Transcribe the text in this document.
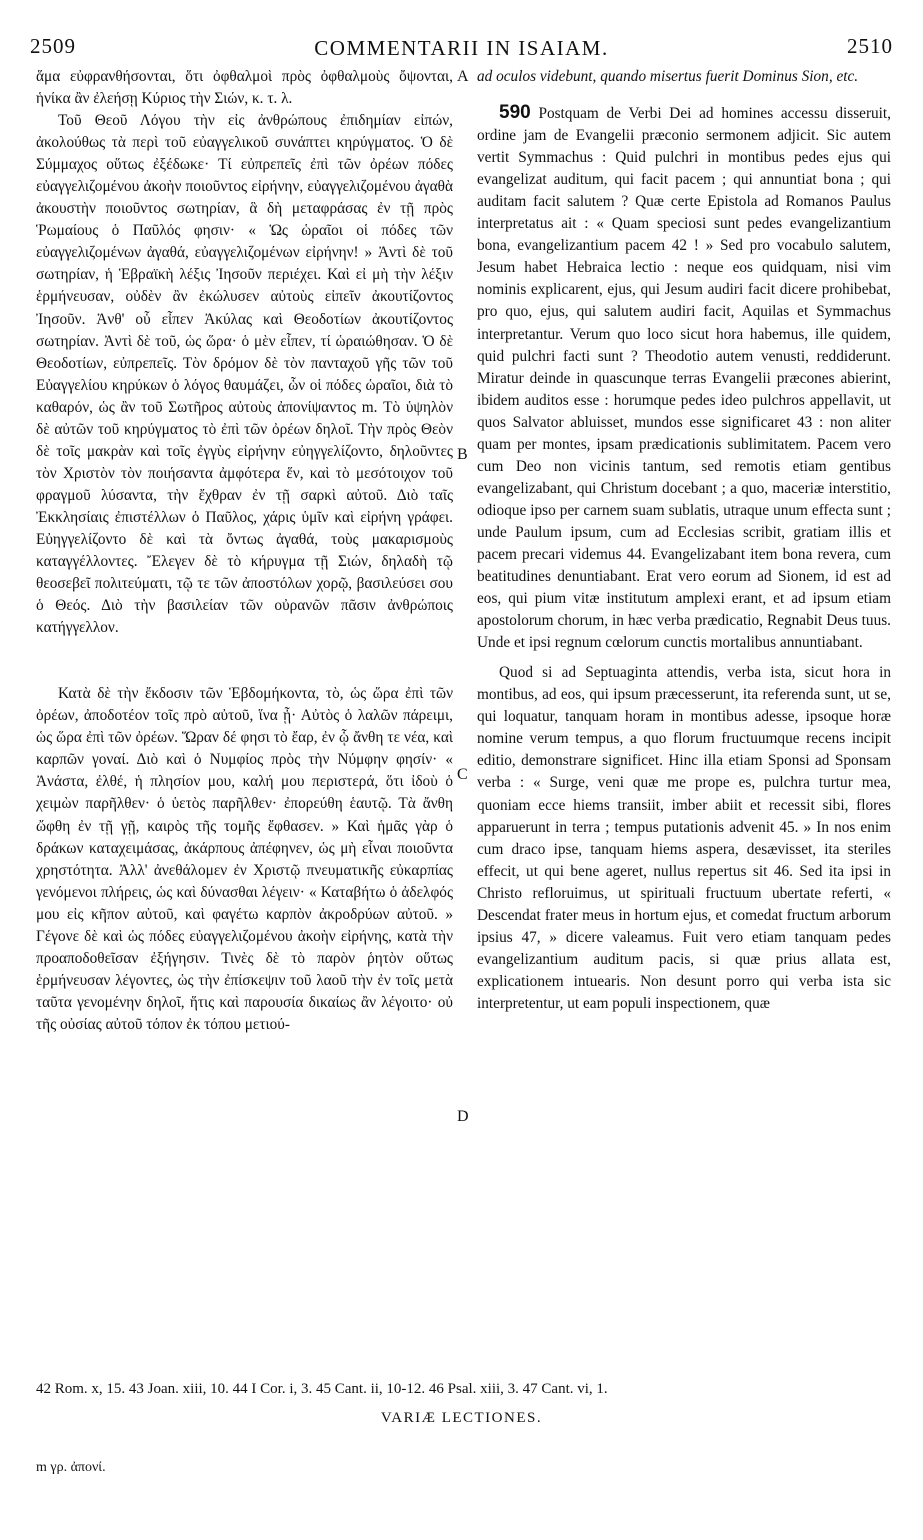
2509	COMMENTARII IN ISAIAM.	2510

ἅμα εὐφρανθήσονται, ὅτι ὀφθαλμοὶ πρὸς ὀφθαλμοὺς ὄψονται, ἡνίκα ἂν ἐλεήσῃ Κύριος τὴν Σιών, κ. τ. λ.

Τοῦ Θεοῦ Λόγου τὴν εἰς ἀνθρώπους ἐπιδημίαν εἰπών, ἀκολούθως τὰ περὶ τοῦ εὐαγγελικοῦ συνάπτει κηρύγματος. Ὁ δὲ Σύμμαχος οὕτως ἐξέδωκε· Τί εὐπρεπεῖς ἐπὶ τῶν ὀρέων πόδες εὐαγγελιζομένου ἀκοὴν ποιοῦντος εἰρήνην, εὐαγγελιζομένου ἀγαθὰ ἀκουστὴν ποιοῦντος σωτηρίαν, ἃ δὴ μεταφράσας ἐν τῇ πρὸς Ῥωμαίους ὁ Παῦλός φησιν· « Ὡς ὡραῖοι οἱ πόδες τῶν εὐαγγελιζομένων ἀγαθά, εὐαγγελιζομένων εἰρήνην! » Ἀντὶ δὲ τοῦ σωτηρίαν, ἡ Ἑβραϊκὴ λέξις Ἰησοῦν περιέχει. Καὶ εἰ μὴ τὴν λέξιν ἑρμήνευσαν, οὐδὲν ἂν ἐκώλυσεν αὐτοὺς εἰπεῖν ἀκουτίζοντος Ἰησοῦν. Ἀνθ' οὗ εἶπεν Ἀκύλας καὶ Θεοδοτίων ἀκουτίζοντος σωτηρίαν. Ἀντὶ δὲ τοῦ, ὡς ὥρα· ὁ μὲν εἶπεν, τί ὡραιώθησαν. Ὁ δὲ Θεοδοτίων, εὐπρεπεῖς. Τὸν δρόμον δὲ τὸν πανταχοῦ γῆς τῶν τοῦ Εὐαγγελίου κηρύκων ὁ λόγος θαυμάζει, ὧν οἱ πόδες ὡραῖοι, διὰ τὸ καθαρόν, ὡς ἂν τοῦ Σωτῆρος αὐτοὺς ἀπονίψαντος m. Τὸ ὑψηλὸν δὲ αὐτῶν τοῦ κηρύγματος τὸ ἐπὶ τῶν ὀρέων δηλοῖ. Τὴν πρὸς Θεὸν δὲ τοῖς μακρὰν καὶ τοῖς ἐγγὺς εἰρήνην εὐηγγελίζοντο, δηλοῦντες τὸν Χριστὸν τὸν ποιήσαντα ἀμφότερα ἕν, καὶ τὸ μεσότοιχον τοῦ φραγμοῦ λύσαντα, τὴν ἔχθραν ἐν τῇ σαρκὶ αὐτοῦ. Διὸ ταῖς Ἐκκλησίαις ἐπιστέλλων ὁ Παῦλος, χάρις ὑμῖν καὶ εἰρήνη γράφει. Εὐηγγελίζοντο δὲ καὶ τὰ ὄντως ἀγαθά, τοὺς μακαρισμοὺς καταγγέλλοντες. Ἔλεγεν δὲ τὸ κήρυγμα τῇ Σιών, δηλαδὴ τῷ θεοσεβεῖ πολιτεύματι, τῷ τε τῶν ἀποστόλων χορῷ, βασιλεύσει σου ὁ Θεός. Διὸ τὴν βασιλείαν τῶν οὐρανῶν πᾶσιν ἀνθρώποις κατήγγελλον.

Κατὰ δὲ τὴν ἔκδοσιν τῶν Ἑβδομήκοντα, τὸ, ὡς ὥρα ἐπὶ τῶν ὀρέων, ἀποδοτέον τοῖς πρὸ αὐτοῦ, ἵνα ᾖ· Αὐτὸς ὁ λαλῶν πάρειμι, ὡς ὥρα ἐπὶ τῶν ὀρέων. Ὥραν δέ φησι τὸ ἔαρ, ἐν ᾧ ἄνθη τε νέα, καὶ καρπῶν γοναί. Διὸ καὶ ὁ Νυμφίος πρὸς τὴν Νύμφην φησίν· « Ἀνάστα, ἐλθέ, ἡ πλησίον μου, καλή μου περιστερά, ὅτι ἰδοὺ ὁ χειμὼν παρῆλθεν· ὁ ὑετὸς παρῆλθεν· ἐπορεύθη ἑαυτῷ. Τὰ ἄνθη ὤφθη ἐν τῇ γῇ, καιρὸς τῆς τομῆς ἔφθασεν. » Καὶ ἡμᾶς γὰρ ὁ δράκων καταχειμάσας, ἀκάρπους ἀπέφηνεν, ὡς μὴ εἶναι ποιοῦντα χρηστότητα. Ἀλλ' ἀνεθάλομεν ἐν Χριστῷ πνευματικῆς εὐκαρπίας γενόμενοι πλήρεις, ὡς καὶ δύνασθαι λέγειν· « Καταβήτω ὁ ἀδελφός μου εἰς κῆπον αὐτοῦ, καὶ φαγέτω καρπὸν ἀκροδρύων αὐτοῦ. » Γέγονε δὲ καὶ ὡς πόδες εὐαγγελιζομένου ἀκοὴν εἰρήνης, κατὰ τὴν προαποδοθεῖσαν ἐξήγησιν. Τινὲς δὲ τὸ παρὸν ῥητὸν οὕτως ἑρμήνευσαν λέγοντες, ὡς τὴν ἐπίσκεψιν τοῦ λαοῦ τὴν ἐν τοῖς μετὰ ταῦτα γενομένην δηλοῖ, ἥτις καὶ παρουσία δικαίως ἂν λέγοιτο· οὐ τῆς οὐσίας αὐτοῦ τόπον ἐκ τόπου μετιού-

A
B
C
D

ad oculos videbunt, quando misertus fuerit Dominus Sion, etc.

590 Postquam de Verbi Dei ad homines accessu disseruit, ordine jam de Evangelii præconio sermonem adjicit. Sic autem vertit Symmachus : Quid pulchri in montibus pedes ejus qui evangelizat auditum, qui facit pacem ; qui annuntiat bona ; qui auditam facit salutem ? Quæ certe Epistola ad Romanos Paulus interpretatus ait : « Quam speciosi sunt pedes evangelizantium bona, evangelizantium pacem 42 ! » Sed pro vocabulo salutem, Jesum habet Hebraica lectio : neque eos quidquam, nisi vim nominis explicarent, ejus, qui Jesum audiri facit dicere prohibebat, pro quo, ejus, qui salutem audiri facit, Aquilas et Symmachus interpretantur. Verum quo loco sicut hora habemus, ille quidem, quid pulchri facti sunt ? Theodotio autem venusti, reddiderunt. Miratur deinde in quascunque terras Evangelii præcones abierint, ibidem auditos esse : horumque pedes ideo pulchros appellavit, ut quos Salvator abluisset, mundos esse significaret 43 : non aliter quam per montes, ipsam prædicationis sublimitatem. Pacem vero cum Deo non vicinis tantum, sed remotis etiam gentibus evangelizabant, qui Christum docebant ; a quo, maceriæ interstitio, odioque ipso per carnem suam sublatis, utraque unum effecta sunt ; unde Paulum ipsum, cum ad Ecclesias scribit, gratiam illis et pacem precari videmus 44. Evangelizabant item bona revera, cum beatitudines denuntiabant. Erat vero eorum ad Sionem, id est ad eos, qui pium vitæ institutum amplexi erant, et ad ipsum etiam apostolorum chorum, in hæc verba prædicatio, Regnabit Deus tuus. Unde et ipsi regnum cœlorum cunctis mortalibus annuntiabant.

Quod si ad Septuaginta attendis, verba ista, sicut hora in montibus, ad eos, qui ipsum præcesserunt, ita referenda sunt, ut se, qui loquatur, tanquam horam in montibus adesse, ipsoque horæ nomine verum tempus, a quo florum fructuumque recens incipit editio, demonstrare significet. Hinc illa etiam Sponsi ad Sponsam verba : « Surge, veni quæ me prope es, pulchra turtur mea, quoniam ecce hiems transiit, imber abiit et recessit sibi, flores apparuerunt in terra ; tempus putationis advenit 45. » In nos enim cum draco ipse, tanquam hiems aspera, desævisset, ita steriles effecit, ut qui bene ageret, nullus repertus sit 46. Sed ita ipsi in Christo refloruimus, ut spirituali fructuum ubertate referti, « Descendat frater meus in hortum ejus, et comedat fructum arborum ipsius 47, » dicere valeamus. Fuit vero etiam tanquam pedes evangelizantium auditum pacis, si quæ prius allata est, explicationem intuearis. Non desunt porro qui verba ista sic interpretentur, ut eam populi inspectionem, quæ

42 Rom. x, 15. 43 Joan. xiii, 10. 44 I Cor. i, 3. 45 Cant. ii, 10-12. 46 Psal. xiii, 3. 47 Cant. vi, 1.
VARIÆ LECTIONES.
m γρ. ἀπονί.
